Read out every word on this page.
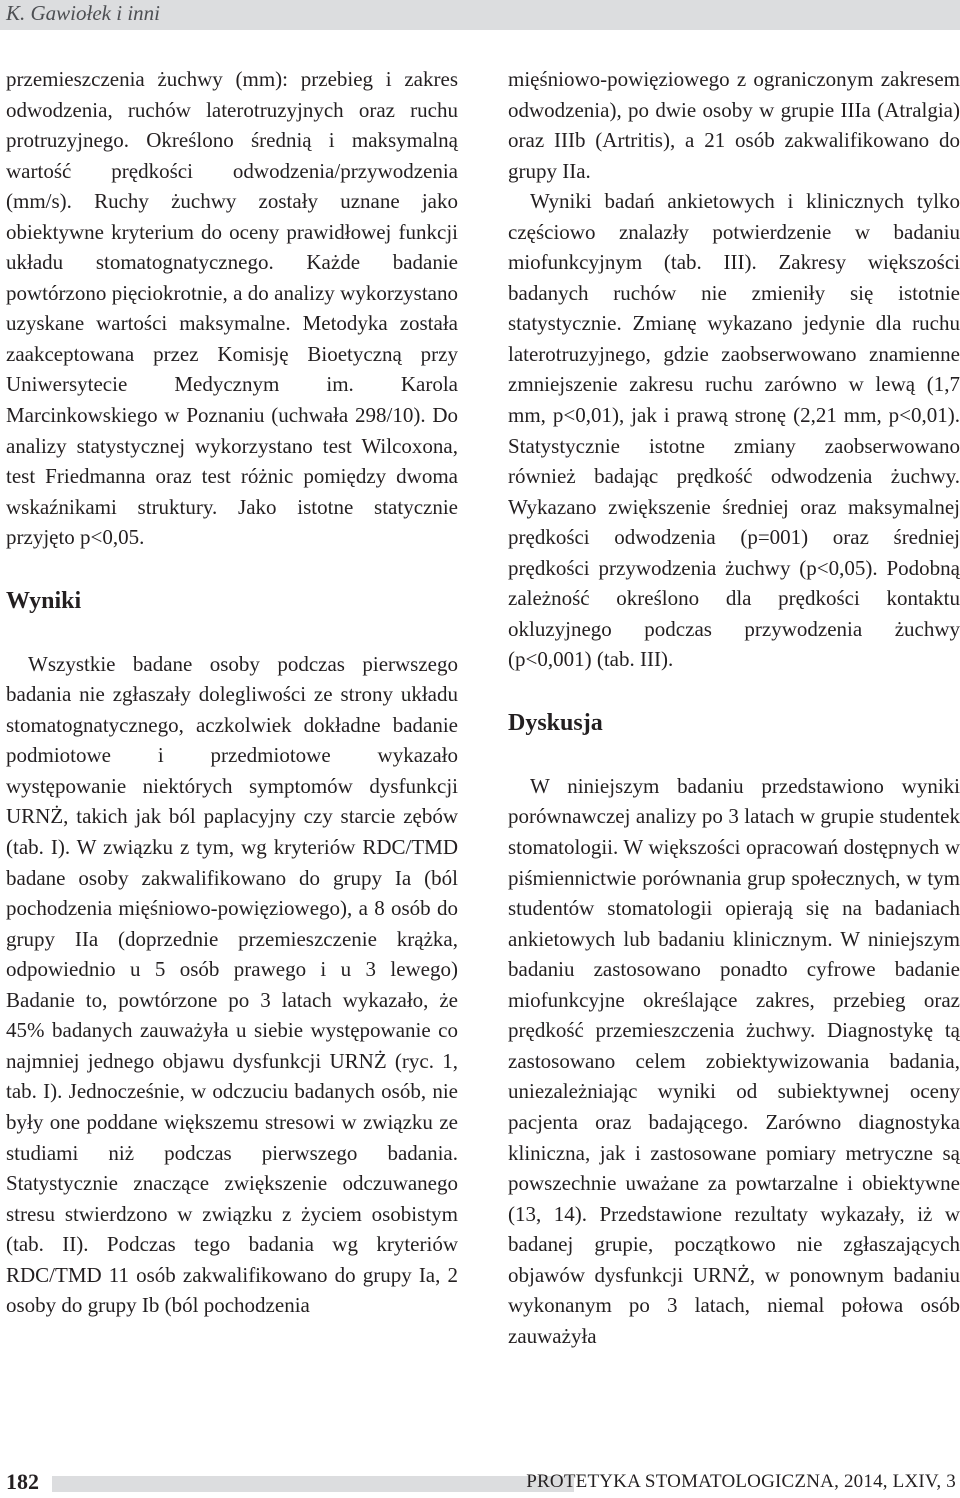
K. Gawiołek i inni

przemieszczenia żuchwy (mm): przebieg i zakres odwodzenia, ruchów laterotruzyjnych oraz ruchu protruzyjnego. Określono średnią i maksymalną wartość prędkości odwodzenia/przywodzenia (mm/s). Ruchy żuchwy zostały uznane jako obiektywne kryterium do oceny prawidłowej funkcji układu stomatognatycznego. Każde badanie powtórzono pięciokrotnie, a do analizy wykorzystano uzyskane wartości maksymalne. Metodyka została zaakceptowana przez Komisję Bioetyczną przy Uniwersytecie Medycznym im. Karola Marcinkowskiego w Poznaniu (uchwała 298/10). Do analizy statystycznej wykorzystano test Wilcoxona, test Friedmanna oraz test różnic pomiędzy dwoma wskaźnikami struktury. Jako istotne statycznie przyjęto p<0,05.

Wyniki

Wszystkie badane osoby podczas pierwszego badania nie zgłaszały dolegliwości ze strony układu stomatognatycznego, aczkolwiek dokładne badanie podmiotowe i przedmiotowe wykazało występowanie niektórych symptomów dysfunkcji URNŻ, takich jak ból paplacyjny czy starcie zębów (tab. I). W związku z tym, wg kryteriów RDC/TMD badane osoby zakwalifikowano do grupy Ia (ból pochodzenia mięśniowo-powięziowego), a 8 osób do grupy IIa (doprzednie przemieszczenie krążka, odpowiednio u 5 osób prawego i u 3 lewego) Badanie to, powtórzone po 3 latach wykazało, że 45% badanych zauważyła u siebie występowanie co najmniej jednego objawu dysfunkcji URNŻ (ryc. 1, tab. I). Jednocześnie, w odczuciu badanych osób, nie były one poddane większemu stresowi w związku ze studiami niż podczas pierwszego badania. Statystycznie znaczące zwiększenie odczuwanego stresu stwierdzono w związku z życiem osobistym (tab. II). Podczas tego badania wg kryteriów RDC/TMD 11 osób zakwalifikowano do grupy Ia, 2 osoby do grupy Ib (ból pochodzenia

mięśniowo-powięziowego z ograniczonym zakresem odwodzenia), po dwie osoby w grupie IIIa (Atralgia) oraz IIIb (Artritis), a 21 osób zakwalifikowano do grupy IIa.

Wyniki badań ankietowych i klinicznych tylko częściowo znalazły potwierdzenie w badaniu miofunkcyjnym (tab. III). Zakresy większości badanych ruchów nie zmieniły się istotnie statystycznie. Zmianę wykazano jedynie dla ruchu laterotruzyjnego, gdzie zaobserwowano znamienne zmniejszenie zakresu ruchu zarówno w lewą (1,7 mm, p<0,01), jak i prawą stronę (2,21 mm, p<0,01). Statystycznie istotne zmiany zaobserwowano również badając prędkość odwodzenia żuchwy. Wykazano zwiększenie średniej oraz maksymalnej prędkości odwodzenia (p=001) oraz średniej prędkości przywodzenia żuchwy (p<0,05). Podobną zależność określono dla prędkości kontaktu okluzyjnego podczas przywodzenia żuchwy (p<0,001) (tab. III).

Dyskusja

W niniejszym badaniu przedstawiono wyniki porównawczej analizy po 3 latach w grupie studentek stomatologii. W większości opracowań dostępnych w piśmiennictwie porównania grup społecznych, w tym studentów stomatologii opierają się na badaniach ankietowych lub badaniu klinicznym. W niniejszym badaniu zastosowano ponadto cyfrowe badanie miofunkcyjne określające zakres, przebieg oraz prędkość przemieszczenia żuchwy. Diagnostykę tą zastosowano celem zobiektywizowania badania, uniezależniając wyniki od subiektywnej oceny pacjenta oraz badającego. Zarówno diagnostyka kliniczna, jak i zastosowane pomiary metryczne są powszechnie uważane za powtarzalne i obiektywne (13, 14). Przedstawione rezultaty wykazały, iż w badanej grupie, początkowo nie zgłaszających objawów dysfunkcji URNŻ, w ponownym badaniu wykonanym po 3 latach, niemal połowa osób zauważyła

182	PROTETYKA STOMATOLOGICZNA, 2014, LXIV, 3
